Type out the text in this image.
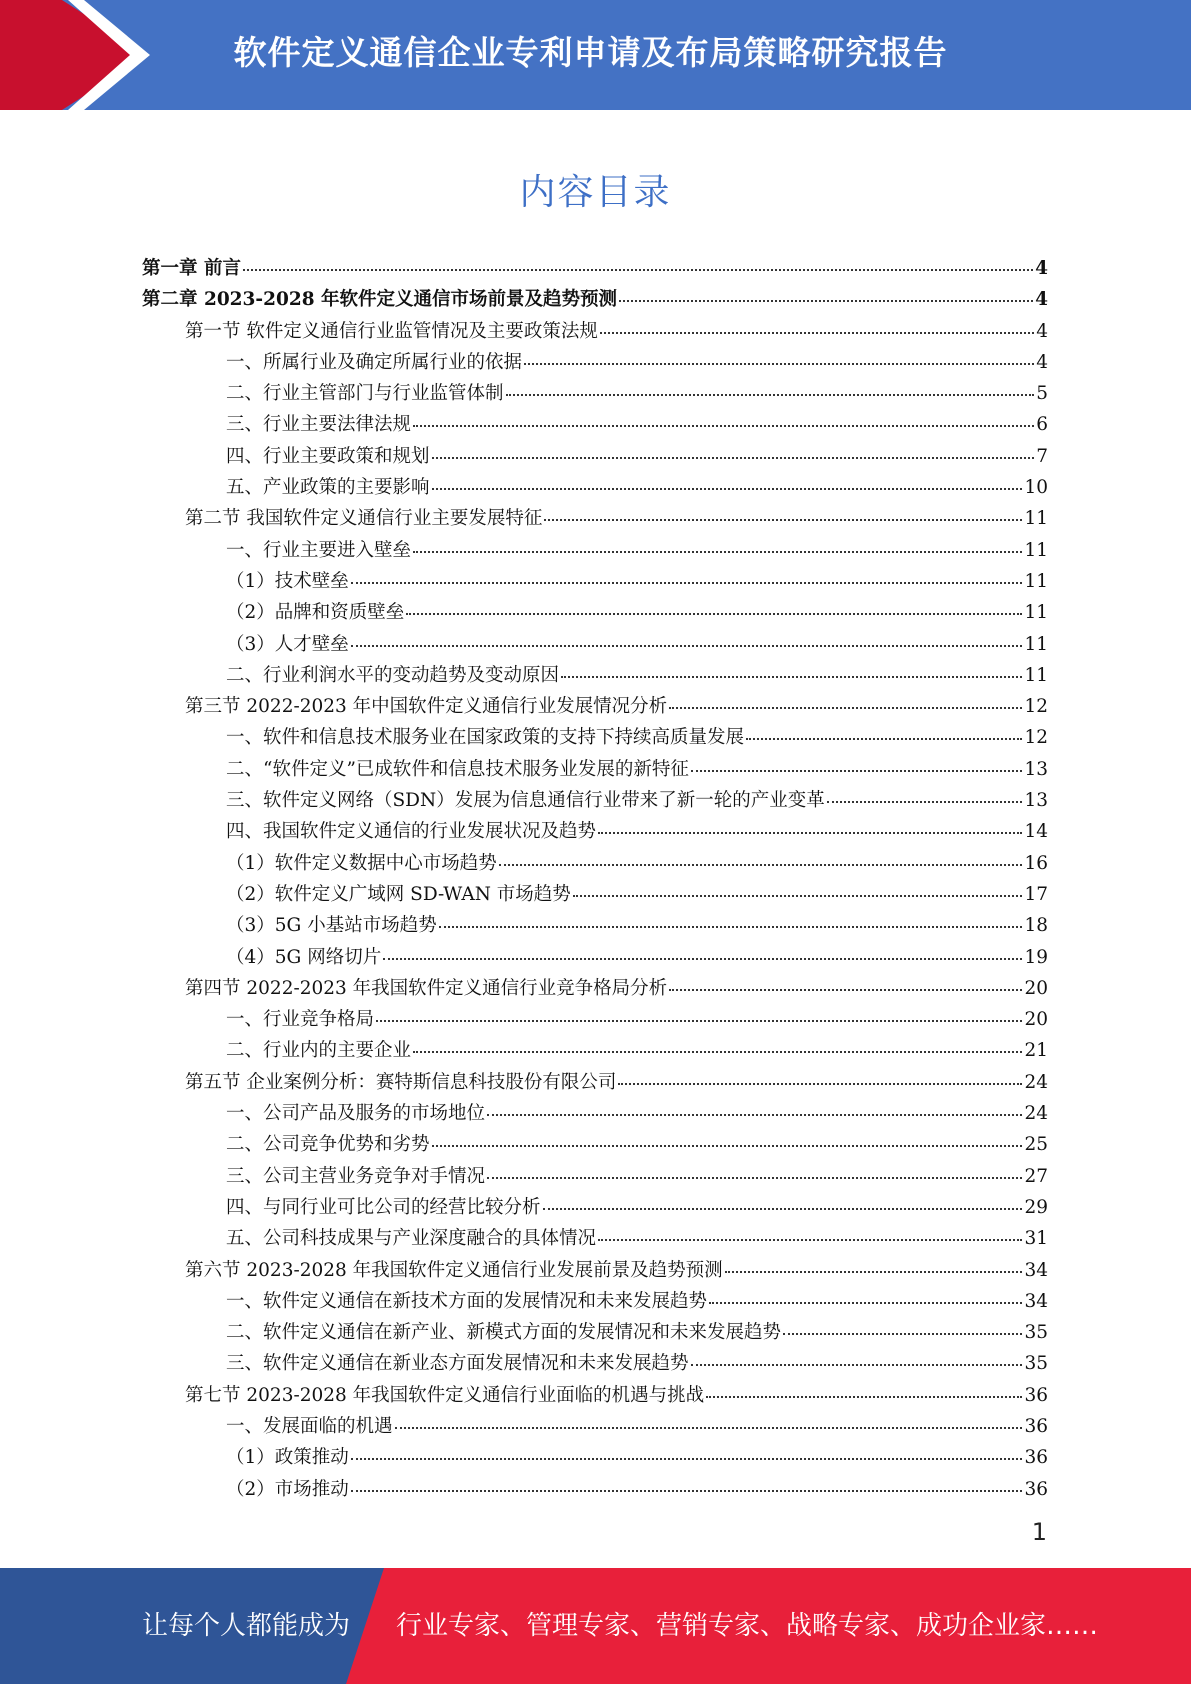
软件定义通信企业专利申请及布局策略研究报告
内容目录
第一章 前言	4
第二章 2023-2028 年软件定义通信市场前景及趋势预测	4
第一节 软件定义通信行业监管情况及主要政策法规	4
一、所属行业及确定所属行业的依据	4
二、行业主管部门与行业监管体制	5
三、行业主要法律法规	6
四、行业主要政策和规划	7
五、产业政策的主要影响	10
第二节 我国软件定义通信行业主要发展特征	11
一、行业主要进入壁垒	11
（1）技术壁垒	11
（2）品牌和资质壁垒	11
（3）人才壁垒	11
二、行业利润水平的变动趋势及变动原因	11
第三节 2022-2023 年中国软件定义通信行业发展情况分析	12
一、软件和信息技术服务业在国家政策的支持下持续高质量发展	12
二、“软件定义”已成软件和信息技术服务业发展的新特征	13
三、软件定义网络（SDN）发展为信息通信行业带来了新一轮的产业变革	13
四、我国软件定义通信的行业发展状况及趋势	14
（1）软件定义数据中心市场趋势	16
（2）软件定义广域网 SD-WAN 市场趋势	17
（3）5G 小基站市场趋势	18
（4）5G 网络切片	19
第四节 2022-2023 年我国软件定义通信行业竞争格局分析	20
一、行业竞争格局	20
二、行业内的主要企业	21
第五节 企业案例分析：赛特斯信息科技股份有限公司	24
一、公司产品及服务的市场地位	24
二、公司竞争优势和劣势	25
三、公司主营业务竞争对手情况	27
四、与同行业可比公司的经营比较分析	29
五、公司科技成果与产业深度融合的具体情况	31
第六节 2023-2028 年我国软件定义通信行业发展前景及趋势预测	34
一、软件定义通信在新技术方面的发展情况和未来发展趋势	34
二、软件定义通信在新产业、新模式方面的发展情况和未来发展趋势	35
三、软件定义通信在新业态方面发展情况和未来发展趋势	35
第七节 2023-2028 年我国软件定义通信行业面临的机遇与挑战	36
一、发展面临的机遇	36
（1）政策推动	36
（2）市场推动	36
1
让每个人都能成为 行业专家、管理专家、营销专家、战略专家、成功企业家……
